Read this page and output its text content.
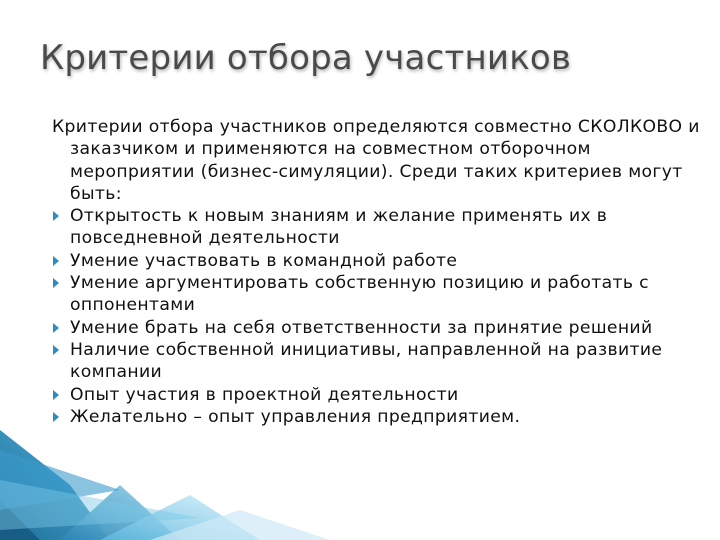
Критерии отбора участников

Критерии отбора участников определяются совместно СКОЛКОВО и заказчиком и применяются на совместном отборочном мероприятии (бизнес-симуляции). Среди таких критериев могут быть:

Открытость к новым знаниям и желание применять их в повседневной деятельности
Умение участвовать в командной работе
Умение аргументировать собственную позицию и работать с оппонентами
Умение брать на себя ответственности за принятие решений
Наличие собственной инициативы, направленной на развитие компании
Опыт участия в проектной деятельности
Желательно – опыт управления предприятием.
